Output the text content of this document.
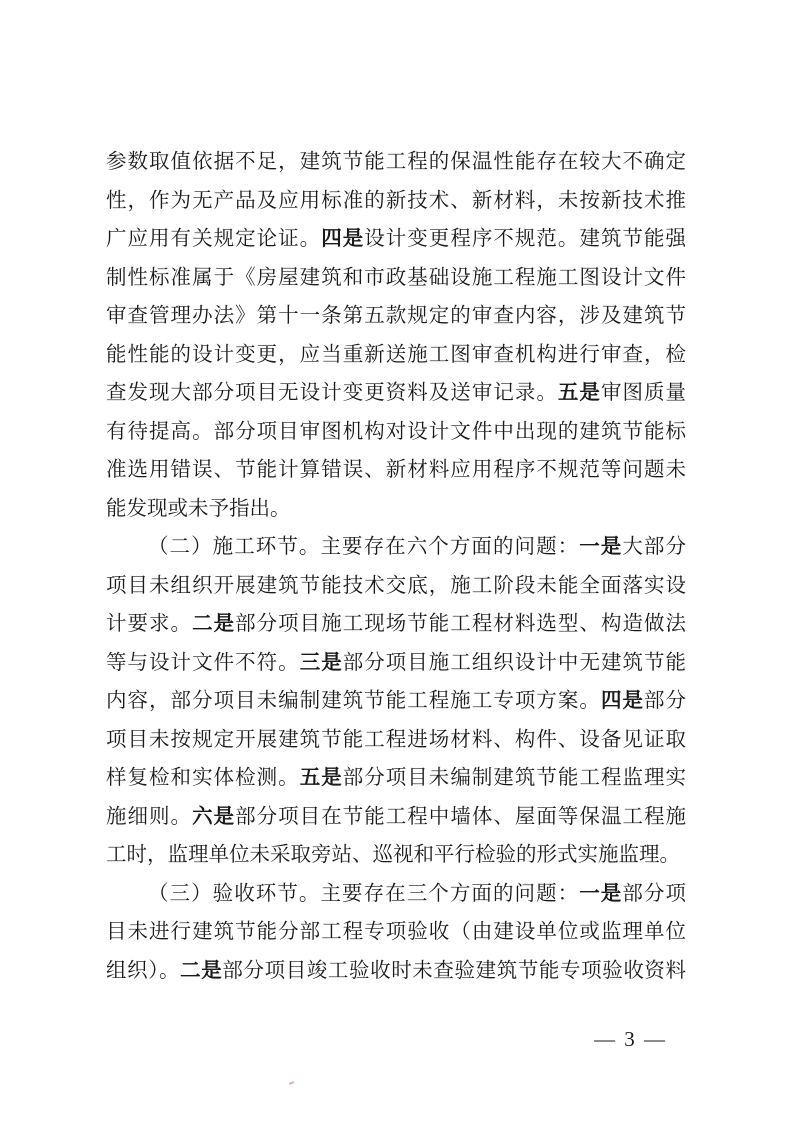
参数取值依据不足，建筑节能工程的保温性能存在较大不确定
性，作为无产品及应用标准的新技术、新材料，未按新技术推
广应用有关规定论证。四是设计变更程序不规范。建筑节能强
制性标准属于《房屋建筑和市政基础设施工程施工图设计文件
审查管理办法》第十一条第五款规定的审查内容，涉及建筑节
能性能的设计变更，应当重新送施工图审查机构进行审查，检
查发现大部分项目无设计变更资料及送审记录。五是审图质量
有待提高。部分项目审图机构对设计文件中出现的建筑节能标
准选用错误、节能计算错误、新材料应用程序不规范等问题未
能发现或未予指出。
（二）施工环节。主要存在六个方面的问题：一是大部分
项目未组织开展建筑节能技术交底，施工阶段未能全面落实设
计要求。二是部分项目施工现场节能工程材料选型、构造做法
等与设计文件不符。三是部分项目施工组织设计中无建筑节能
内容，部分项目未编制建筑节能工程施工专项方案。四是部分
项目未按规定开展建筑节能工程进场材料、构件、设备见证取
样复检和实体检测。五是部分项目未编制建筑节能工程监理实
施细则。六是部分项目在节能工程中墙体、屋面等保温工程施
工时，监理单位未采取旁站、巡视和平行检验的形式实施监理。
（三）验收环节。主要存在三个方面的问题：一是部分项
目未进行建筑节能分部工程专项验收（由建设单位或监理单位
组织）。二是部分项目竣工验收时未查验建筑节能专项验收资料
— 3 —
